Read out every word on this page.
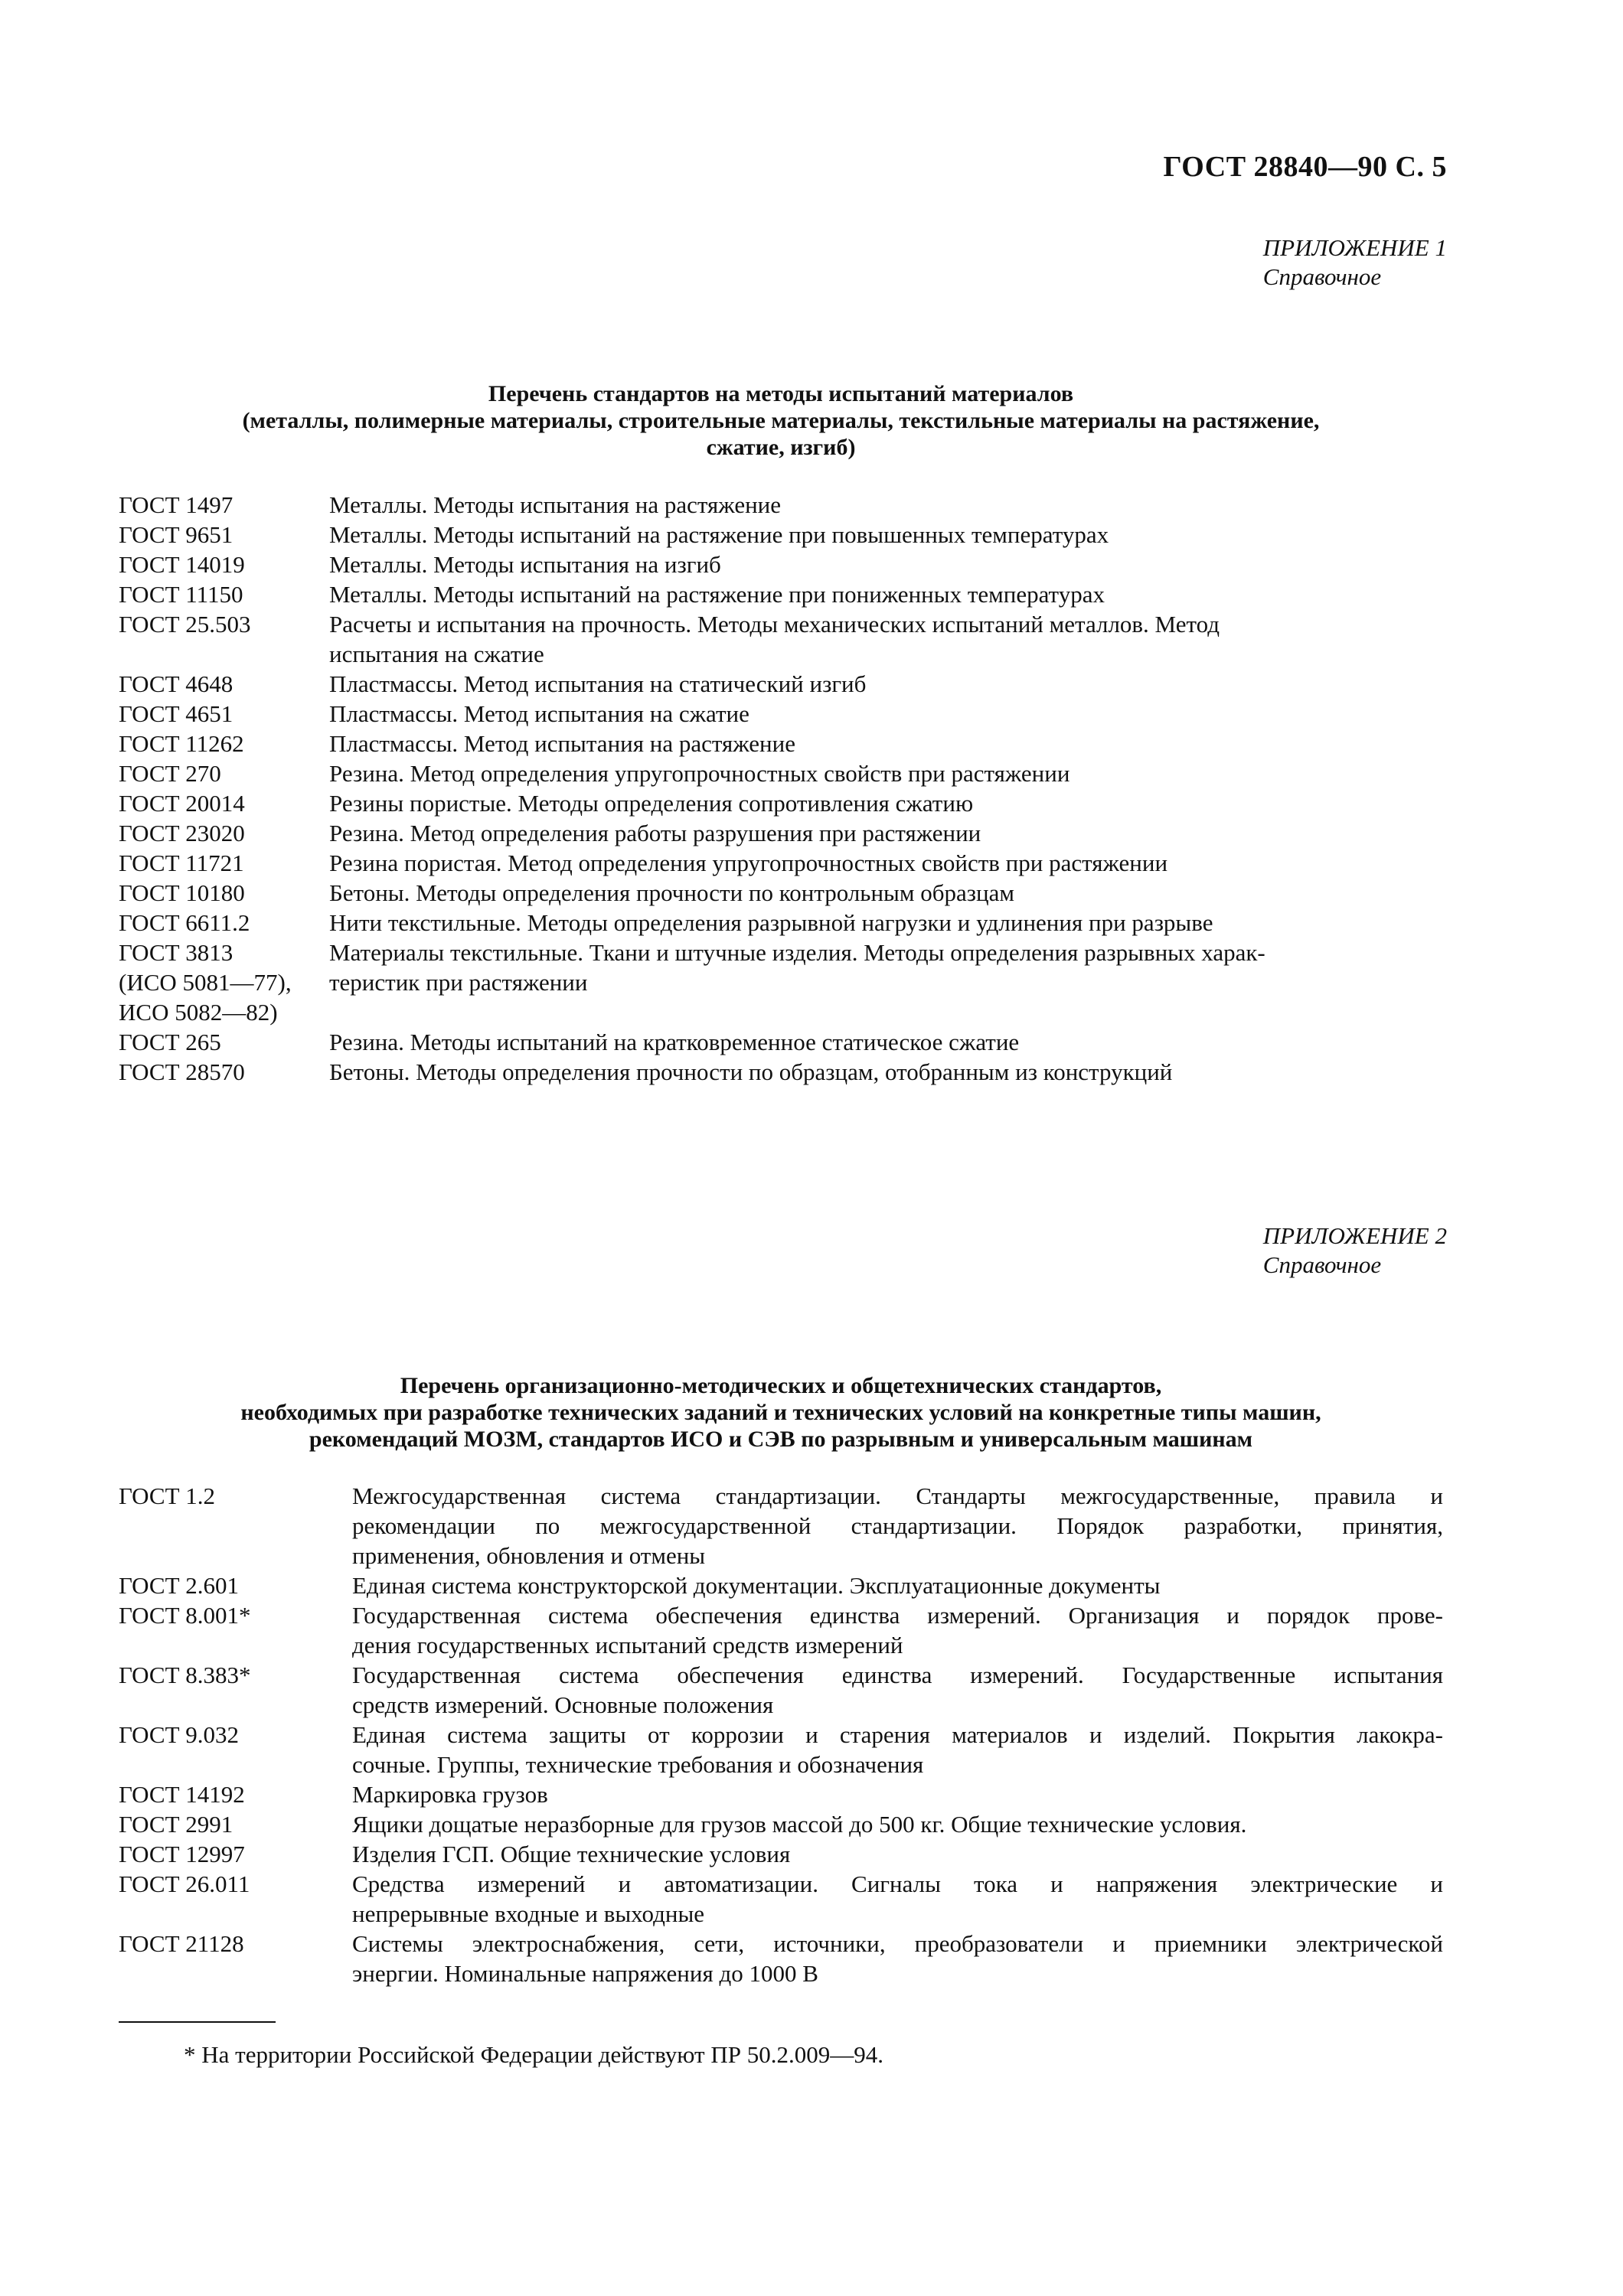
ГОСТ 28840—90 С. 5
ПРИЛОЖЕНИЕ 1
Справочное
Перечень стандартов на методы испытаний материалов
(металлы, полимерные материалы, строительные материалы, текстильные материалы на растяжение,
сжатие, изгиб)
ГОСТ 1497	Металлы. Методы испытания на растяжение
ГОСТ 9651	Металлы. Методы испытаний на растяжение при повышенных температурах
ГОСТ 14019	Металлы. Методы испытания на изгиб
ГОСТ 11150	Металлы. Методы испытаний на растяжение при пониженных температурах
ГОСТ 25.503	Расчеты и испытания на прочность. Методы механических испытаний металлов. Метод
испытания на сжатие
ГОСТ 4648	Пластмассы. Метод испытания на статический изгиб
ГОСТ 4651	Пластмассы. Метод испытания на сжатие
ГОСТ 11262	Пластмассы. Метод испытания на растяжение
ГОСТ 270	Резина. Метод определения упругопрочностных свойств при растяжении
ГОСТ 20014	Резины пористые. Методы определения сопротивления сжатию
ГОСТ 23020	Резина. Метод определения работы разрушения при растяжении
ГОСТ 11721	Резина пористая. Метод определения упругопрочностных свойств при растяжении
ГОСТ 10180	Бетоны. Методы определения прочности по контрольным образцам
ГОСТ 6611.2	Нити текстильные. Методы определения разрывной нагрузки и удлинения при разрыве
ГОСТ 3813	Материалы текстильные. Ткани и штучные изделия. Методы определения разрывных харак-
(ИСО 5081—77),	теристик при растяжении
ИСО 5082—82)

ГОСТ 265	Резина. Методы испытаний на кратковременное статическое сжатие
ГОСТ 28570	Бетоны. Методы определения прочности по образцам, отобранным из конструкций
ПРИЛОЖЕНИЕ 2
Справочное
Перечень организационно-методических и общетехнических стандартов,
необходимых при разработке технических заданий и технических условий на конкретные типы машин,
рекомендаций МОЗМ, стандартов ИСО и СЭВ по разрывным и универсальным машинам
ГОСТ 1.2	Межгосударственная система стандартизации. Стандарты межгосударственные, правила и
рекомендации по межгосударственной стандартизации. Порядок разработки, принятия,
применения, обновления и отмены
ГОСТ 2.601	Единая система конструкторской документации. Эксплуатационные документы
ГОСТ 8.001*	Государственная система обеспечения единства измерений. Организация и порядок прове-
дения государственных испытаний средств измерений
ГОСТ 8.383*	Государственная система обеспечения единства измерений. Государственные испытания
средств измерений. Основные положения
ГОСТ 9.032	Единая система защиты от коррозии и старения материалов и изделий. Покрытия лакокра-
сочные. Группы, технические требования и обозначения
ГОСТ 14192	Маркировка грузов
ГОСТ 2991	Ящики дощатые неразборные для грузов массой до 500 кг. Общие технические условия.
ГОСТ 12997	Изделия ГСП. Общие технические условия
ГОСТ 26.011	Средства измерений и автоматизации. Сигналы тока и напряжения электрические и
непрерывные входные и выходные
ГОСТ 21128	Системы электроснабжения, сети, источники, преобразователи и приемники электрической
энергии. Номинальные напряжения до 1000 В
* На территории Российской Федерации действуют ПР 50.2.009—94.
